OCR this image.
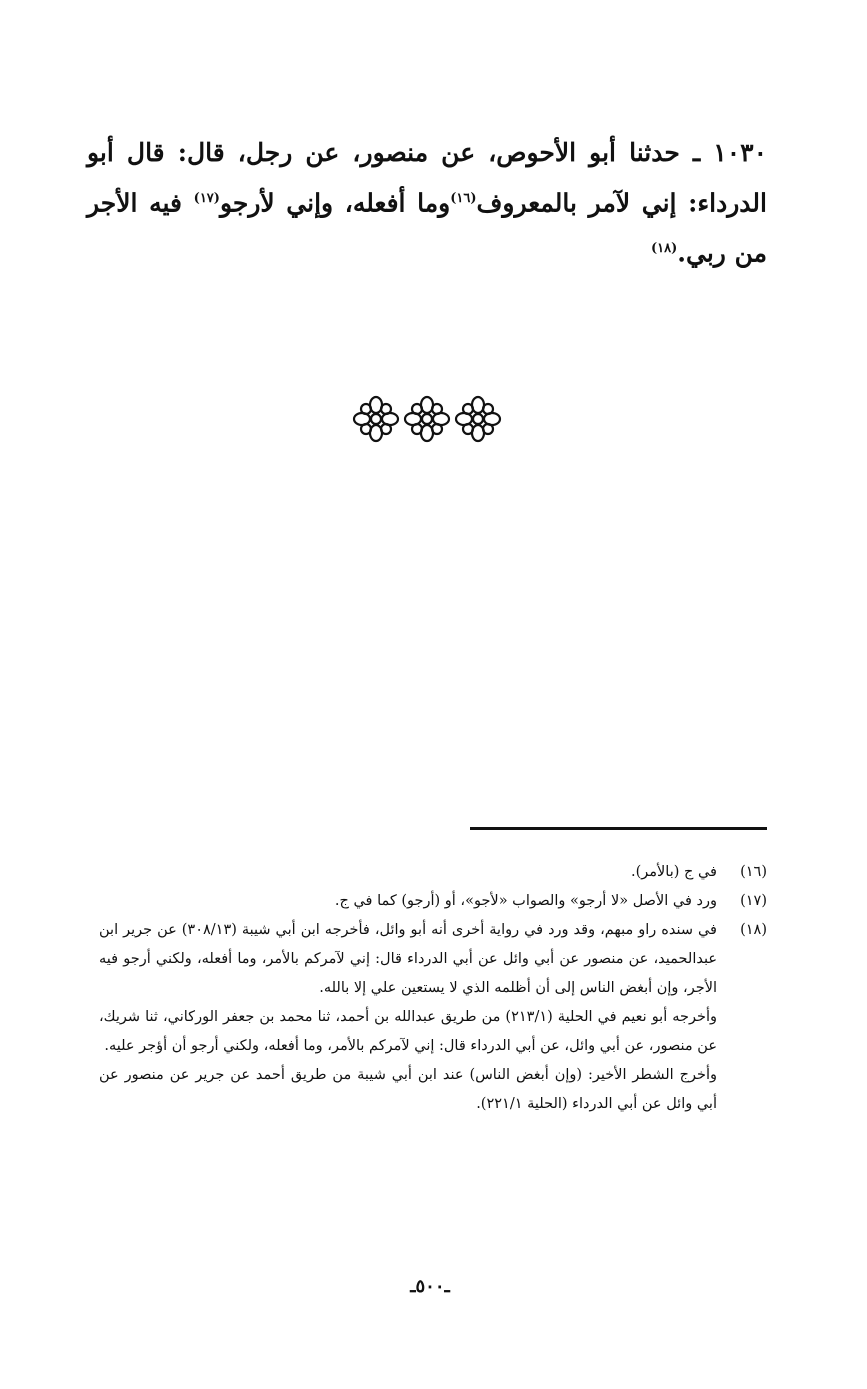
١٠٣٠ ـ حدثنا أبو الأحوص، عن منصور، عن رجل، قال: قال أبو الدرداء: إني لآمر بالمعروف$^{(١٦)}$وما أفعله، وإني لأرجو$^{(١٧)}$ فيه الأجر من ربي.$^{(١٨)}$
(١٦)

في ج (بالأمر).

(١٧)

ورد في الأصل «لا أرجو» والصواب «لأجو»، أو (أرجو) كما في ج.

(١٨)

في سنده راو مبهم، وقد ورد في رواية أخرى أنه أبو وائل، فأخرجه ابن أبي شيبة (٣٠٨/١٣) عن جرير ابن عبدالحميد، عن منصور عن أبي وائل عن أبي الدرداء قال: إني لآمركم بالأمر، وما أفعله، ولكني أرجو فيه الأجر، وإن أبغض الناس إلى أن أظلمه الذي لا يستعين علي إلا بالله.

وأخرجه أبو نعيم في الحلية (٢١٣/١) من طريق عبدالله بن أحمد، ثنا محمد بن جعفر الوركاني، ثنا شريك، عن منصور، عن أبي وائل، عن أبي الدرداء قال: إني لآمركم بالأمر، وما أفعله، ولكني أرجو أن أؤجر عليه.

وأخرج الشطر الأخير: (وإن أبغض الناس) عند ابن أبي شيبة من طريق أحمد عن جرير عن منصور عن أبي وائل عن أبي الدرداء (الحلية ٢٢١/١).

ـ٥٠٠ـ
